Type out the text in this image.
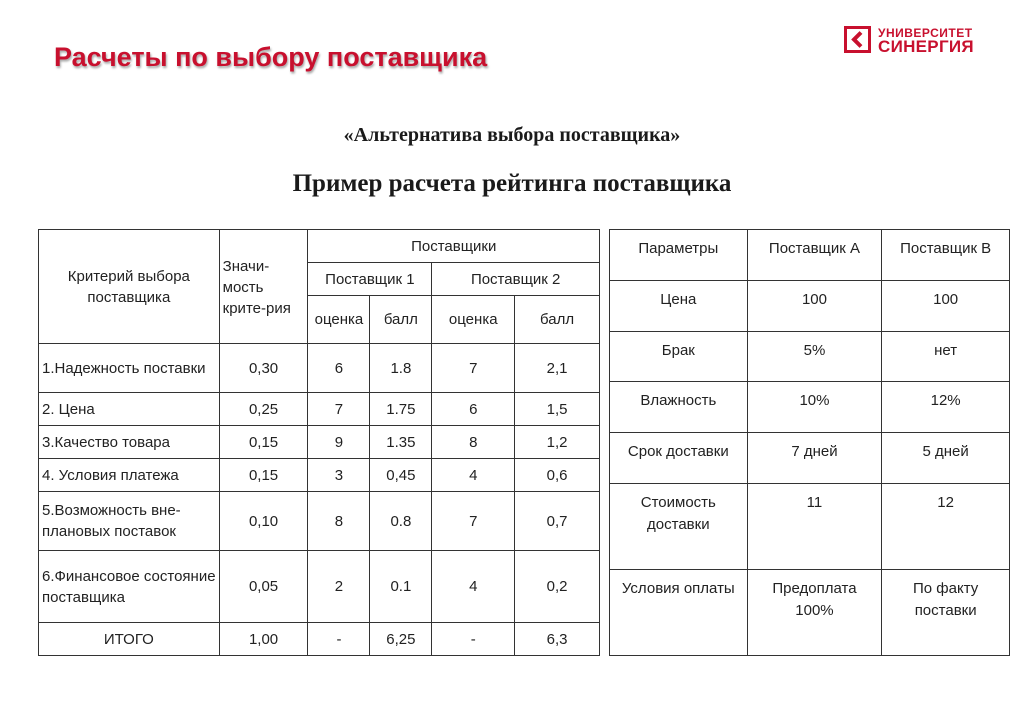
Расчеты по выбору поставщика
УНИВЕРСИТЕТ
СИНЕРГИЯ
«Альтернатива выбора поставщика»
Пример расчета рейтинга поставщика
Критерий выбора поставщика	Значи-мость крите-рия	Поставщики			
		Поставщик 1		Поставщик 2	
		оценка	балл	оценка	балл
1.Надежность поставки	0,30	6	1.8	7	2,1
2. Цена	0,25	7	1.75	6	1,5
3.Качество товара	0,15	9	1.35	8	1,2
4. Условия платежа	0,15	3	0,45	4	0,6
5.Возможность вне-плановых поставок	0,10	8	0.8	7	0,7
6.Финансовое состояние поставщика	0,05	2	0.1	4	0,2
ИТОГО	1,00	-	6,25	-	6,3
Параметры	Поставщик А	Поставщик В
Цена	100	100
Брак	5%	нет
Влажность	10%	12%
Срок доставки	7 дней	5 дней
Стоимость доставки	11	12
Условия оплаты	Предоплата 100%	По факту поставки
